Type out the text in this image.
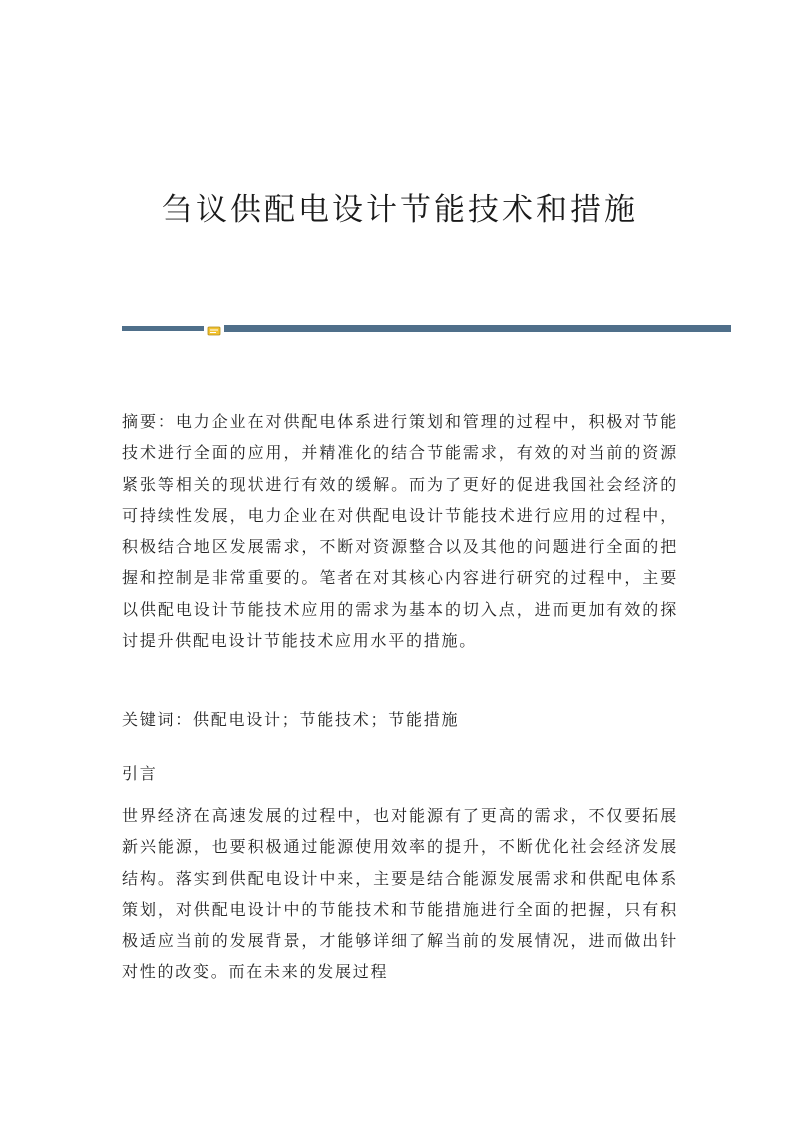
刍议供配电设计节能技术和措施

摘要：电力企业在对供配电体系进行策划和管理的过程中，积极对节能技术进行全面的应用，并精准化的结合节能需求，有效的对当前的资源紧张等相关的现状进行有效的缓解。而为了更好的促进我国社会经济的可持续性发展，电力企业在对供配电设计节能技术进行应用的过程中，积极结合地区发展需求，不断对资源整合以及其他的问题进行全面的把握和控制是非常重要的。笔者在对其核心内容进行研究的过程中，主要以供配电设计节能技术应用的需求为基本的切入点，进而更加有效的探讨提升供配电设计节能技术应用水平的措施。

关键词：供配电设计；节能技术；节能措施

引言

世界经济在高速发展的过程中，也对能源有了更高的需求，不仅要拓展新兴能源，也要积极通过能源使用效率的提升，不断优化社会经济发展结构。落实到供配电设计中来，主要是结合能源发展需求和供配电体系策划，对供配电设计中的节能技术和节能措施进行全面的把握，只有积极适应当前的发展背景，才能够详细了解当前的发展情况，进而做出针对性的改变。而在未来的发展过程
